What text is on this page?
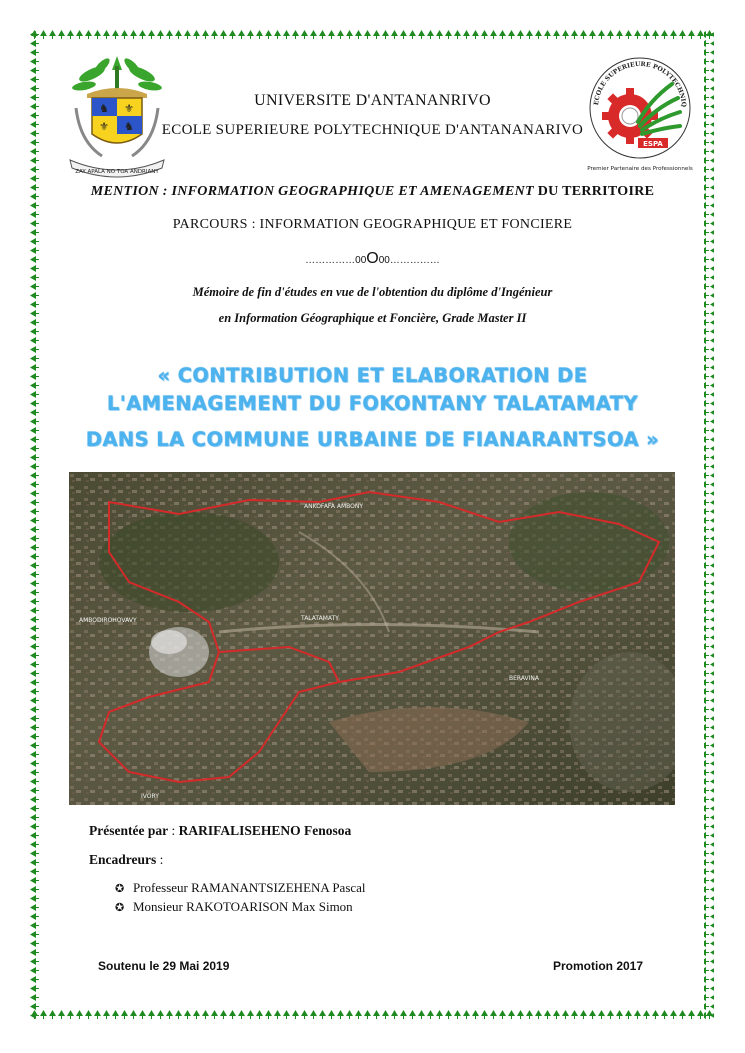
♞ ⚜
⚜ ♞
ZAY APALA NO TOA ANDRIANY
ECOLE SUPERIEURE POLYTECHNIQ
ESPA
Premier Partenaire des Professionnels
UNIVERSITE D'ANTANANRIVO
ECOLE SUPERIEURE POLYTECHNIQUE D'ANTANANARIVO
MENTION : INFORMATION GEOGRAPHIQUE ET AMENAGEMENT DU TERRITOIRE
PARCOURS : INFORMATION GEOGRAPHIQUE ET FONCIERE
……………00O00……………
Mémoire de fin d'études en vue de l'obtention du diplôme d'Ingénieur
en Information Géographique et Foncière, Grade Master II
« CONTRIBUTION ET ELABORATION DE
L'AMENAGEMENT DU FOKONTANY TALATAMATY
DANS LA COMMUNE URBAINE DE FIANARANTSOA »
ANKOFAFA AMBONY
AMBODIROHOVAVY	TALATAMATY
BERAVINA
IVORY
Présentée par : RARIFALISEHENO Fenosoa
Encadreurs :
✪ Professeur RAMANANTSIZEHENA Pascal
✪ Monsieur RAKOTOARISON Max Simon
Soutenu le 29 Mai 2019	Promotion 2017
